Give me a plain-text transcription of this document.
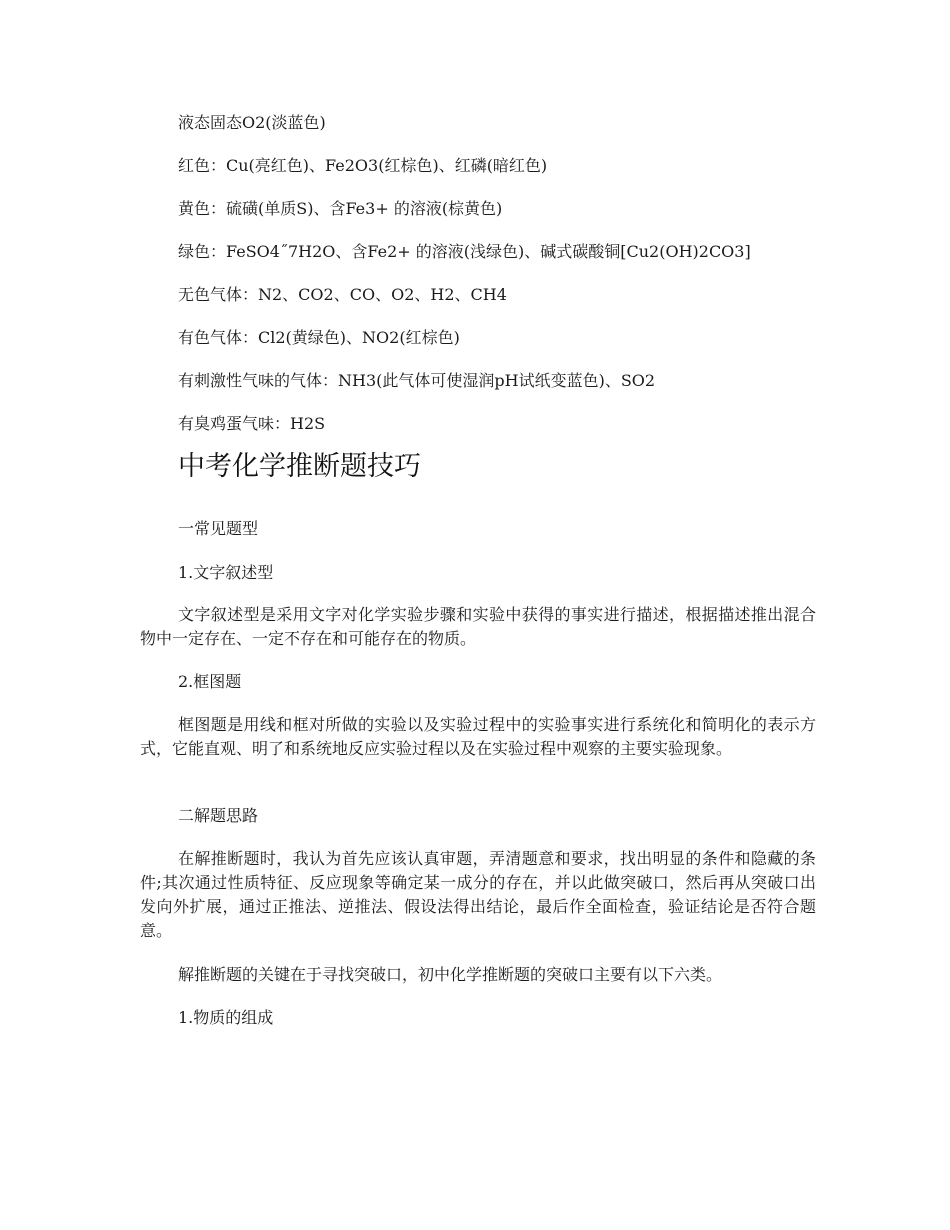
液态固态O2(淡蓝色)
红色：Cu(亮红色)、Fe2O3(红棕色)、红磷(暗红色)
黄色：硫磺(单质S)、含Fe3+ 的溶液(棕黄色)
绿色：FeSO4˝7H2O、含Fe2+ 的溶液(浅绿色)、碱式碳酸铜[Cu2(OH)2CO3]
无色气体：N2、CO2、CO、O2、H2、CH4
有色气体：Cl2(黄绿色)、NO2(红棕色)
有刺激性气味的气体：NH3(此气体可使湿润pH试纸变蓝色)、SO2
有臭鸡蛋气味：H2S
中考化学推断题技巧
一常见题型
1.文字叙述型
文字叙述型是采用文字对化学实验步骤和实验中获得的事实进行描述，根据描述推出混合物中一定存在、一定不存在和可能存在的物质。
2.框图题
框图题是用线和框对所做的实验以及实验过程中的实验事实进行系统化和简明化的表示方式，它能直观、明了和系统地反应实验过程以及在实验过程中观察的主要实验现象。
二解题思路
在解推断题时，我认为首先应该认真审题，弄清题意和要求，找出明显的条件和隐藏的条件;其次通过性质特征、反应现象等确定某一成分的存在，并以此做突破口，然后再从突破口出发向外扩展，通过正推法、逆推法、假设法得出结论，最后作全面检查，验证结论是否符合题意。
解推断题的关键在于寻找突破口，初中化学推断题的突破口主要有以下六类。
1.物质的组成
